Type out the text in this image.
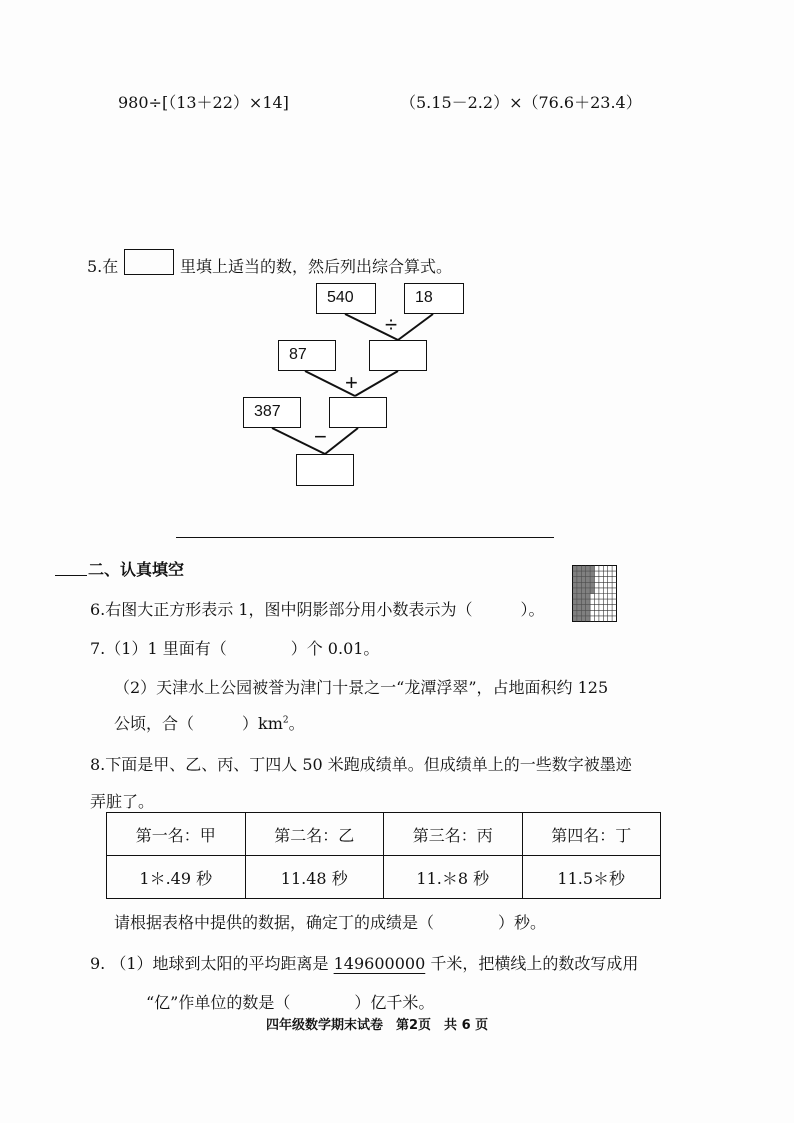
980÷[（13＋22）×14]	（5.15－2.2）×（76.6＋23.4）
5.在	里填上适当的数，然后列出综合算式。
540	18
÷
87
+
387
−
二、认真填空
6.右图大正方形表示 1，图中阴影部分用小数表示为（　　　）。
7.（1）1 里面有（　　　　）个 0.01。
（2）天津水上公园被誉为津门十景之一“龙潭浮翠”，占地面积约 125
公顷，合（　　　）$km^2$。
8.下面是甲、乙、丙、丁四人 50 米跑成绩单。但成绩单上的一些数字被墨迹
弄脏了。
第一名：甲	第二名：乙	第三名：丙	第四名：丁
1＊.49 秒	11.48 秒	11.＊8 秒	11.5＊秒
请根据表格中提供的数据，确定丁的成绩是（　　　　）秒。
9. （1）地球到太阳的平均距离是 149600000 千米，把横线上的数改写成用
“亿”作单位的数是（　　　　）亿千米。
四年级数学期末试卷　第2页　共 6 页
